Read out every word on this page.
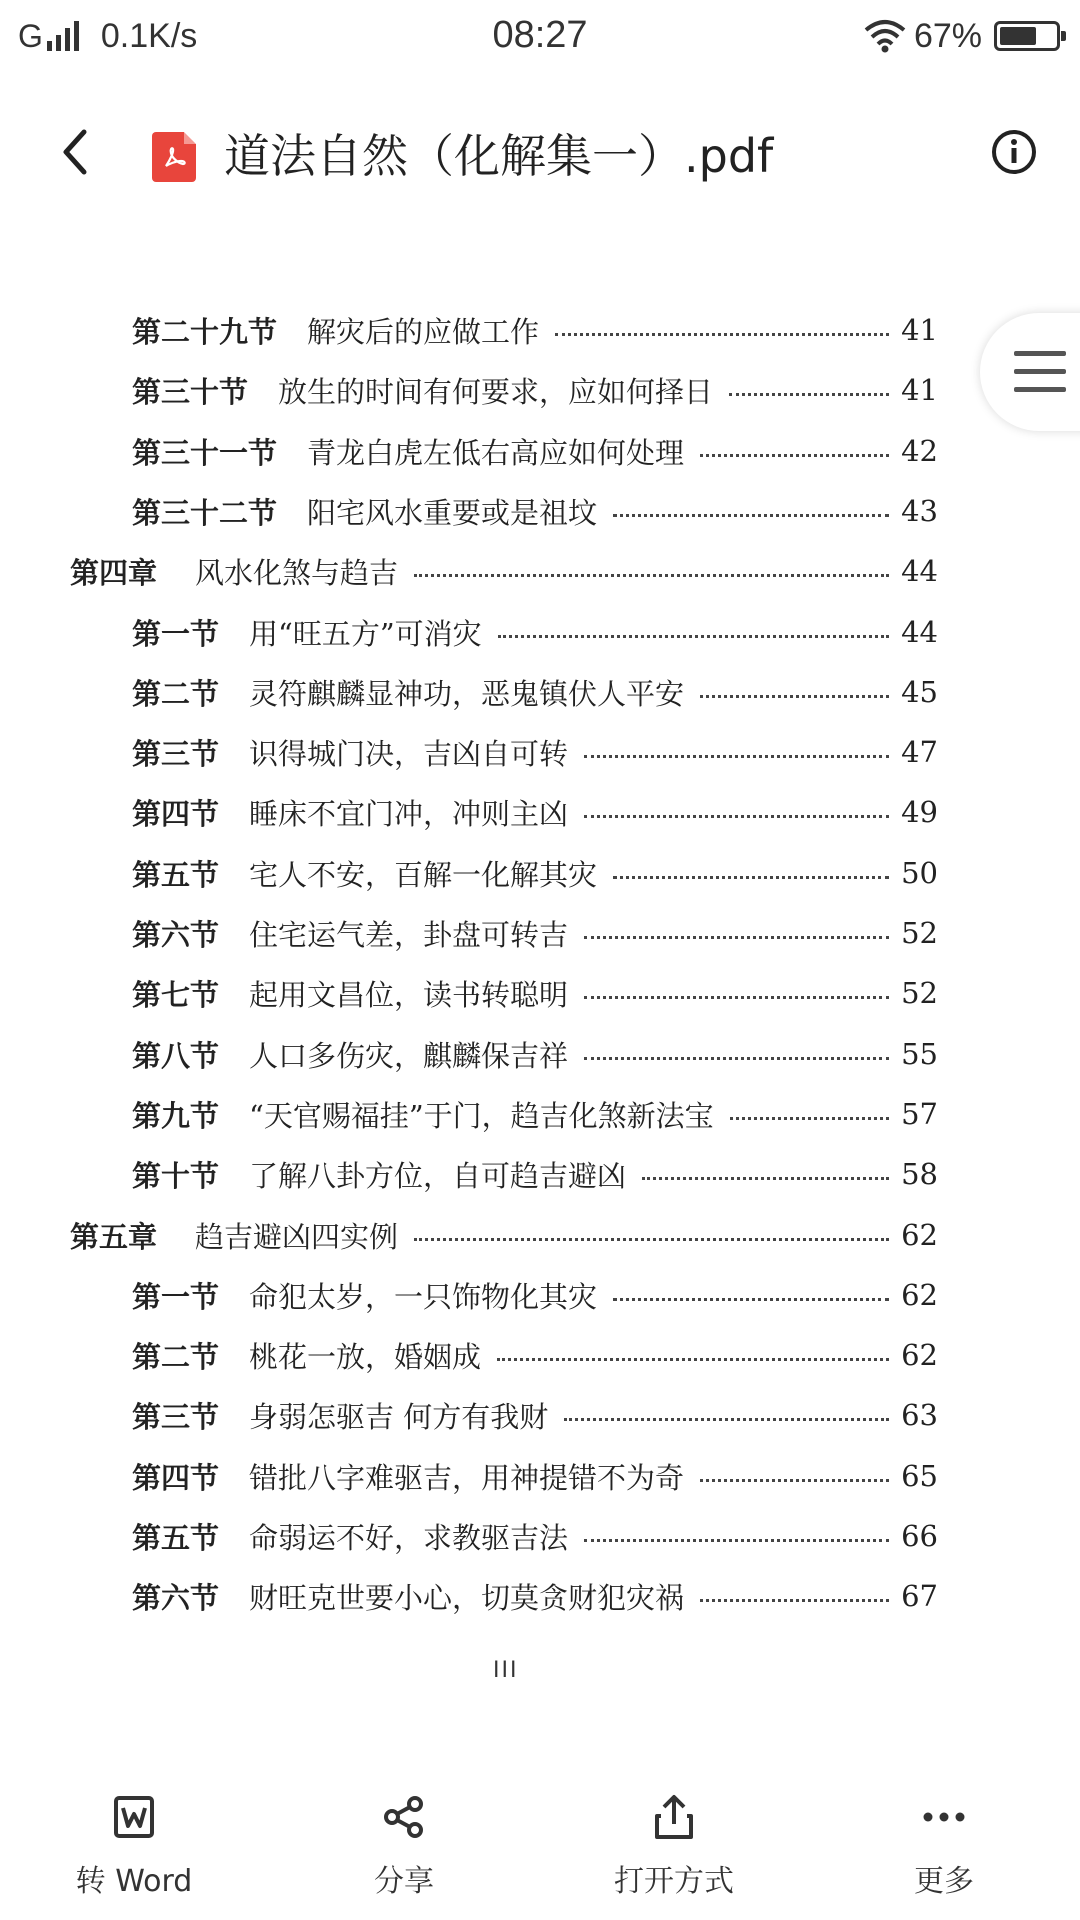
G 0.1K/s	08:27	67%
道法自然（化解集一）.pdf
第二十九节 解灾后的应做工作	41
第三十节 放生的时间有何要求，应如何择日	41
第三十一节 青龙白虎左低右高应如何处理	42
第三十二节 阳宅风水重要或是祖坟	43
第四章 风水化煞与趋吉	44
第一节 用“旺五方”可消灾	44
第二节 灵符麒麟显神功，恶鬼镇伏人平安	45
第三节 识得城门决，吉凶自可转	47
第四节 睡床不宜门冲，冲则主凶	49
第五节 宅人不安，百解一化解其灾	50
第六节 住宅运气差，卦盘可转吉	52
第七节 起用文昌位，读书转聪明	52
第八节 人口多伤灾，麒麟保吉祥	55
第九节 “天官赐福挂”于门，趋吉化煞新法宝	57
第十节 了解八卦方位，自可趋吉避凶	58
第五章 趋吉避凶四实例	62
第一节 命犯太岁，一只饰物化其灾	62
第二节 桃花一放，婚姻成	62
第三节 身弱怎驱吉 何方有我财	63
第四节 错批八字难驱吉，用神提错不为奇	65
第五节 命弱运不好，求教驱吉法	66
第六节 财旺克世要小心，切莫贪财犯灾祸	67
III
转 Word	分享	打开方式	更多
